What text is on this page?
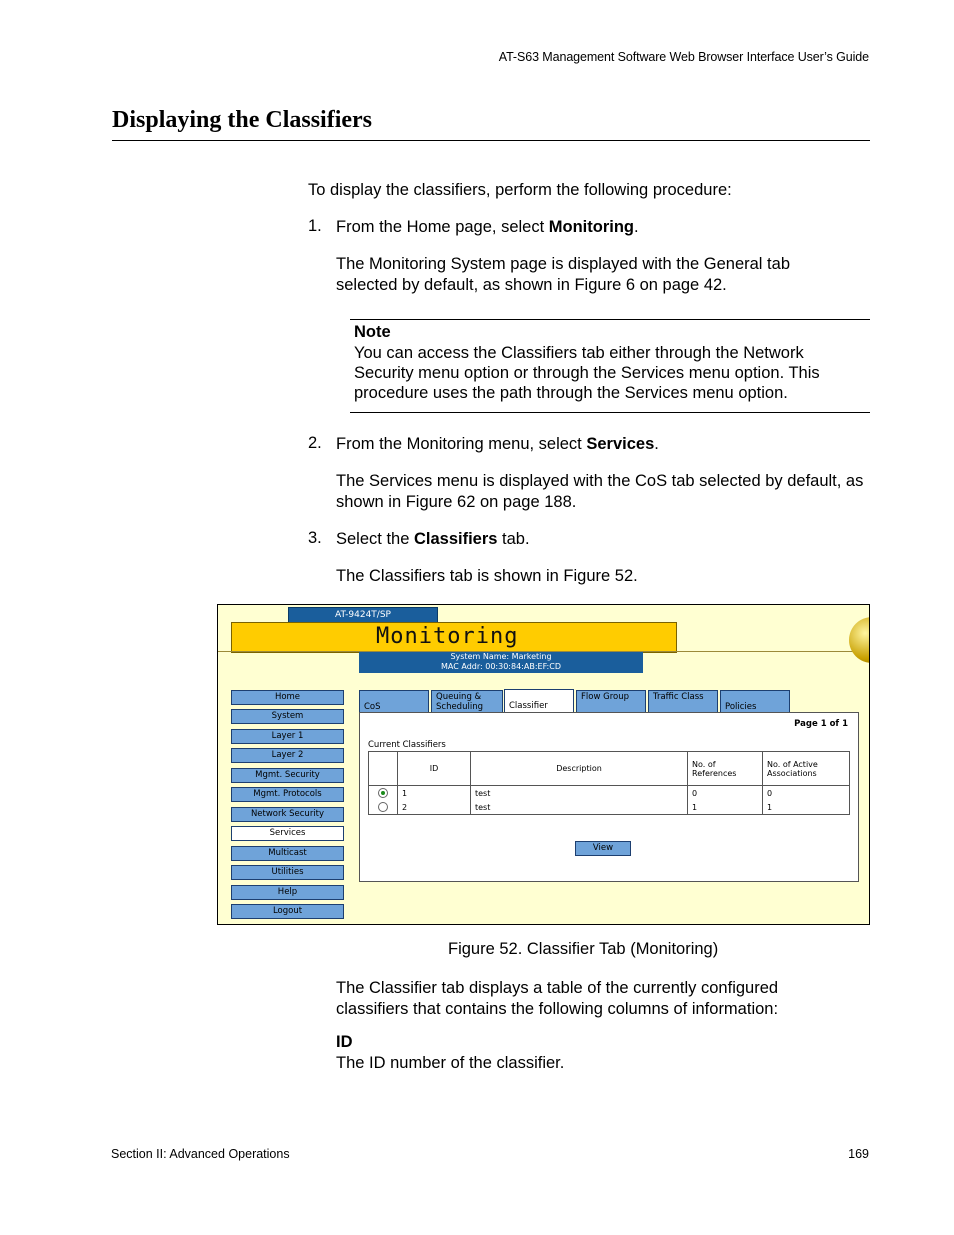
AT-S63 Management Software Web Browser Interface User’s Guide
Displaying the Classifiers
To display the classifiers, perform the following procedure:
1. From the Home page, select Monitoring.
The Monitoring System page is displayed with the General tab selected by default, as shown in Figure 6 on page 42.
Note
You can access the Classifiers tab either through the Network Security menu option or through the Services menu option. This procedure uses the path through the Services menu option.
2. From the Monitoring menu, select Services.
The Services menu is displayed with the CoS tab selected by default, as shown in Figure 62 on page 188.
3. Select the Classifiers tab.
The Classifiers tab is shown in Figure 52.
AT-9424T/SP
Monitoring
System Name: Marketing
MAC Addr: 00:30:84:AB:EF:CD
Home
System
Layer 1
Layer 2
Mgmt. Security
Mgmt. Protocols
Network Security
Services
Multicast
Utilities
Help
Logout
CoS
Queuing & Scheduling	Classifier
Flow Group	Traffic Class
Policies
Page 1 of 1
Current Classifiers
	ID	Description	No. of References	No. of Active Associations
	1	test	0	0
	2	test	1	1
View
Figure 52. Classifier Tab (Monitoring)
The Classifier tab displays a table of the currently configured classifiers that contains the following columns of information:
ID
The ID number of the classifier.
Section II: Advanced Operations	169
